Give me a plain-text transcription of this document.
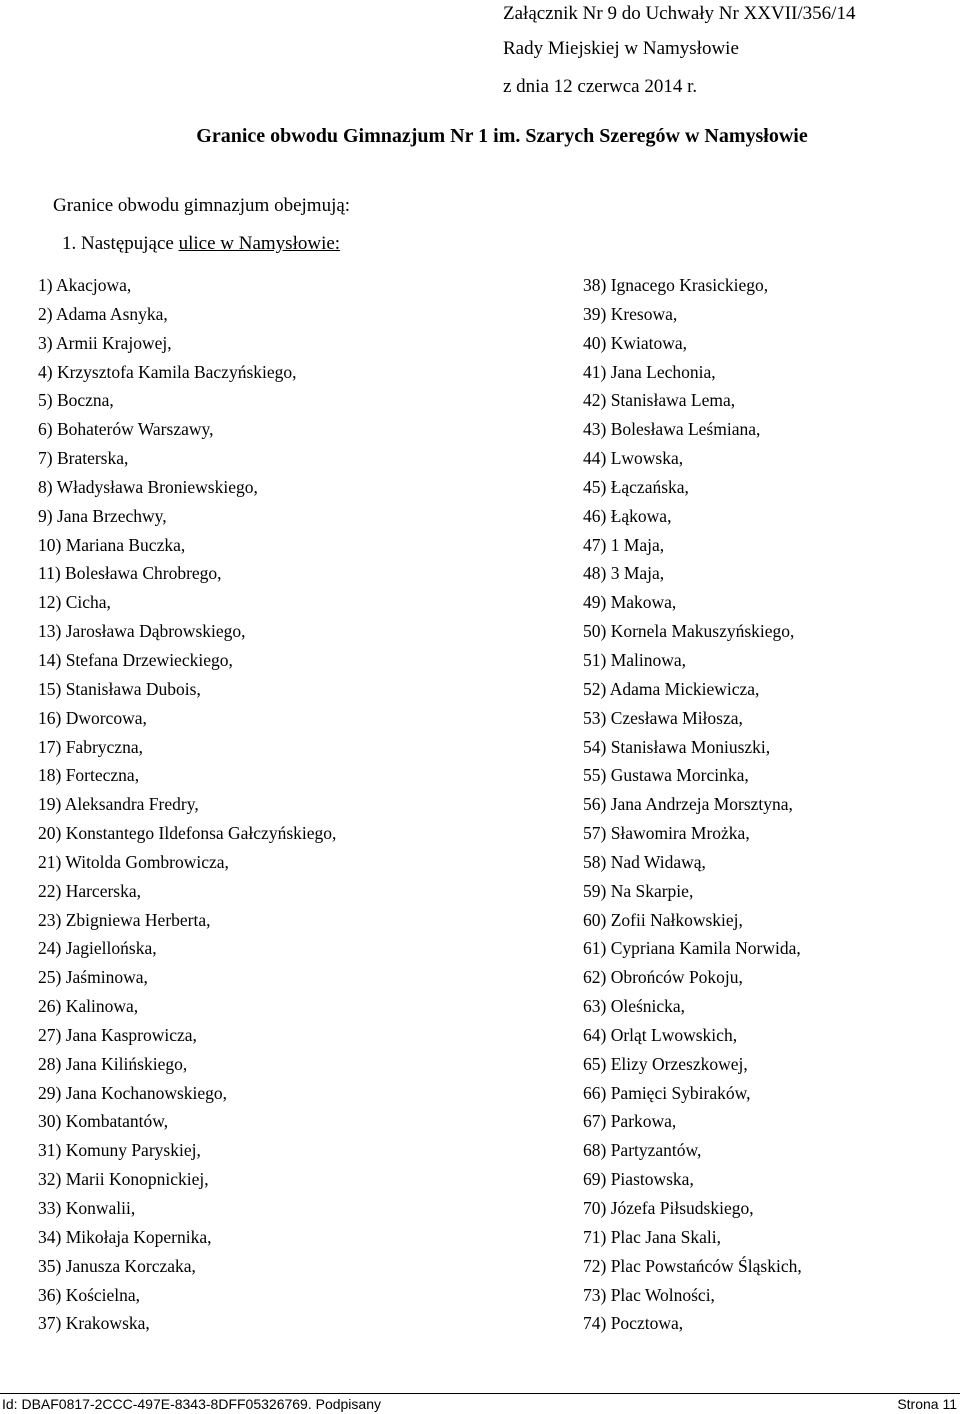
Załącznik Nr 9 do Uchwały Nr XXVII/356/14
Rady Miejskiej w Namysłowie
z dnia 12 czerwca 2014 r.
Granice obwodu Gimnazjum Nr 1 im. Szarych Szeregów w Namysłowie
Granice obwodu gimnazjum obejmują:
1. Następujące ulice w Namysłowie:
1) Akacjowa,
2) Adama Asnyka,
3) Armii Krajowej,
4) Krzysztofa Kamila Baczyńskiego,
5) Boczna,
6) Bohaterów Warszawy,
7) Braterska,
8) Władysława Broniewskiego,
9) Jana Brzechwy,
10) Mariana Buczka,
11) Bolesława Chrobrego,
12) Cicha,
13) Jarosława Dąbrowskiego,
14) Stefana Drzewieckiego,
15) Stanisława Dubois,
16) Dworcowa,
17) Fabryczna,
18) Forteczna,
19) Aleksandra Fredry,
20) Konstantego Ildefonsa Gałczyńskiego,
21) Witolda Gombrowicza,
22) Harcerska,
23) Zbigniewa Herberta,
24) Jagiellońska,
25) Jaśminowa,
26) Kalinowa,
27) Jana Kasprowicza,
28) Jana Kilińskiego,
29) Jana Kochanowskiego,
30) Kombatantów,
31) Komuny Paryskiej,
32) Marii Konopnickiej,
33) Konwalii,
34) Mikołaja Kopernika,
35) Janusza Korczaka,
36) Kościelna,
37) Krakowska,
38) Ignacego Krasickiego,
39) Kresowa,
40) Kwiatowa,
41) Jana Lechonia,
42) Stanisława Lema,
43) Bolesława Leśmiana,
44) Lwowska,
45) Łączańska,
46) Łąkowa,
47) 1 Maja,
48) 3 Maja,
49) Makowa,
50) Kornela Makuszyńskiego,
51) Malinowa,
52) Adama Mickiewicza,
53) Czesława Miłosza,
54) Stanisława Moniuszki,
55) Gustawa Morcinka,
56) Jana Andrzeja Morsztyna,
57) Sławomira Mrożka,
58) Nad Widawą,
59) Na Skarpie,
60) Zofii Nałkowskiej,
61) Cypriana Kamila Norwida,
62) Obrońców Pokoju,
63) Oleśnicka,
64) Orląt Lwowskich,
65) Elizy Orzeszkowej,
66) Pamięci Sybiraków,
67) Parkowa,
68) Partyzantów,
69) Piastowska,
70) Józefa Piłsudskiego,
71) Plac Jana Skali,
72) Plac Powstańców Śląskich,
73) Plac Wolności,
74) Pocztowa,
Id: DBAF0817-2CCC-497E-8343-8DFF05326769. Podpisany	Strona 11
